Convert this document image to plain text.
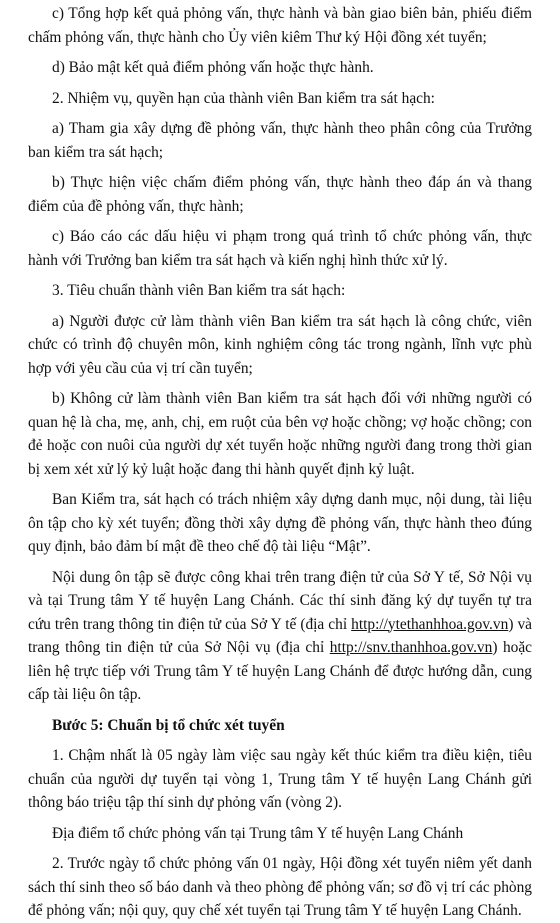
c) Tổng hợp kết quả phỏng vấn, thực hành và bàn giao biên bản, phiếu điểm chấm phỏng vấn, thực hành cho Ủy viên kiêm Thư ký Hội đồng xét tuyển;

d) Bảo mật kết quả điểm phỏng vấn hoặc thực hành.

2. Nhiệm vụ, quyền hạn của thành viên Ban kiểm tra sát hạch:

a) Tham gia xây dựng đề phỏng vấn, thực hành theo phân công của Trưởng ban kiểm tra sát hạch;

b) Thực hiện việc chấm điểm phỏng vấn, thực hành theo đáp án và thang điểm của đề phỏng vấn, thực hành;

c) Báo cáo các dấu hiệu vi phạm trong quá trình tổ chức phỏng vấn, thực hành với Trưởng ban kiểm tra sát hạch và kiến nghị hình thức xử lý.

3. Tiêu chuẩn thành viên Ban kiểm tra sát hạch:

a) Người được cử làm thành viên Ban kiểm tra sát hạch là công chức, viên chức có trình độ chuyên môn, kinh nghiệm công tác trong ngành, lĩnh vực phù hợp với yêu cầu của vị trí cần tuyển;

b) Không cử làm thành viên Ban kiểm tra sát hạch đối với những người có quan hệ là cha, mẹ, anh, chị, em ruột của bên vợ hoặc chồng; vợ hoặc chồng; con đẻ hoặc con nuôi của người dự xét tuyển hoặc những người đang trong thời gian bị xem xét xử lý kỷ luật hoặc đang thi hành quyết định kỷ luật.

Ban Kiểm tra, sát hạch có trách nhiệm xây dựng danh mục, nội dung, tài liệu ôn tập cho kỳ xét tuyển; đồng thời xây dựng đề phỏng vấn, thực hành theo đúng quy định, bảo đảm bí mật đề theo chế độ tài liệu “Mật”.

Nội dung ôn tập sẽ được công khai trên trang điện tử của Sở Y tế, Sở Nội vụ và tại Trung tâm Y tế huyện Lang Chánh. Các thí sinh đăng ký dự tuyển tự tra cứu trên trang thông tin điện tử của Sở Y tế (địa chỉ http://ytethanhhoa.gov.vn) và trang thông tin điện tử của Sở Nội vụ (địa chỉ http://snv.thanhhoa.gov.vn) hoặc liên hệ trực tiếp với Trung tâm Y tế huyện Lang Chánh để được hướng dẫn, cung cấp tài liệu ôn tập.

Bước 5: Chuẩn bị tổ chức xét tuyển

1. Chậm nhất là 05 ngày làm việc sau ngày kết thúc kiểm tra điều kiện, tiêu chuẩn của người dự tuyển tại vòng 1, Trung tâm Y tế huyện Lang Chánh gửi thông báo triệu tập thí sinh dự phỏng vấn (vòng 2).

Địa điểm tổ chức phỏng vấn tại Trung tâm Y tế huyện Lang Chánh

2. Trước ngày tổ chức phỏng vấn 01 ngày, Hội đồng xét tuyển niêm yết danh sách thí sinh theo số báo danh và theo phòng để phỏng vấn; sơ đồ vị trí các phòng để phỏng vấn; nội quy, quy chế xét tuyển tại Trung tâm Y tế huyện Lang Chánh.
